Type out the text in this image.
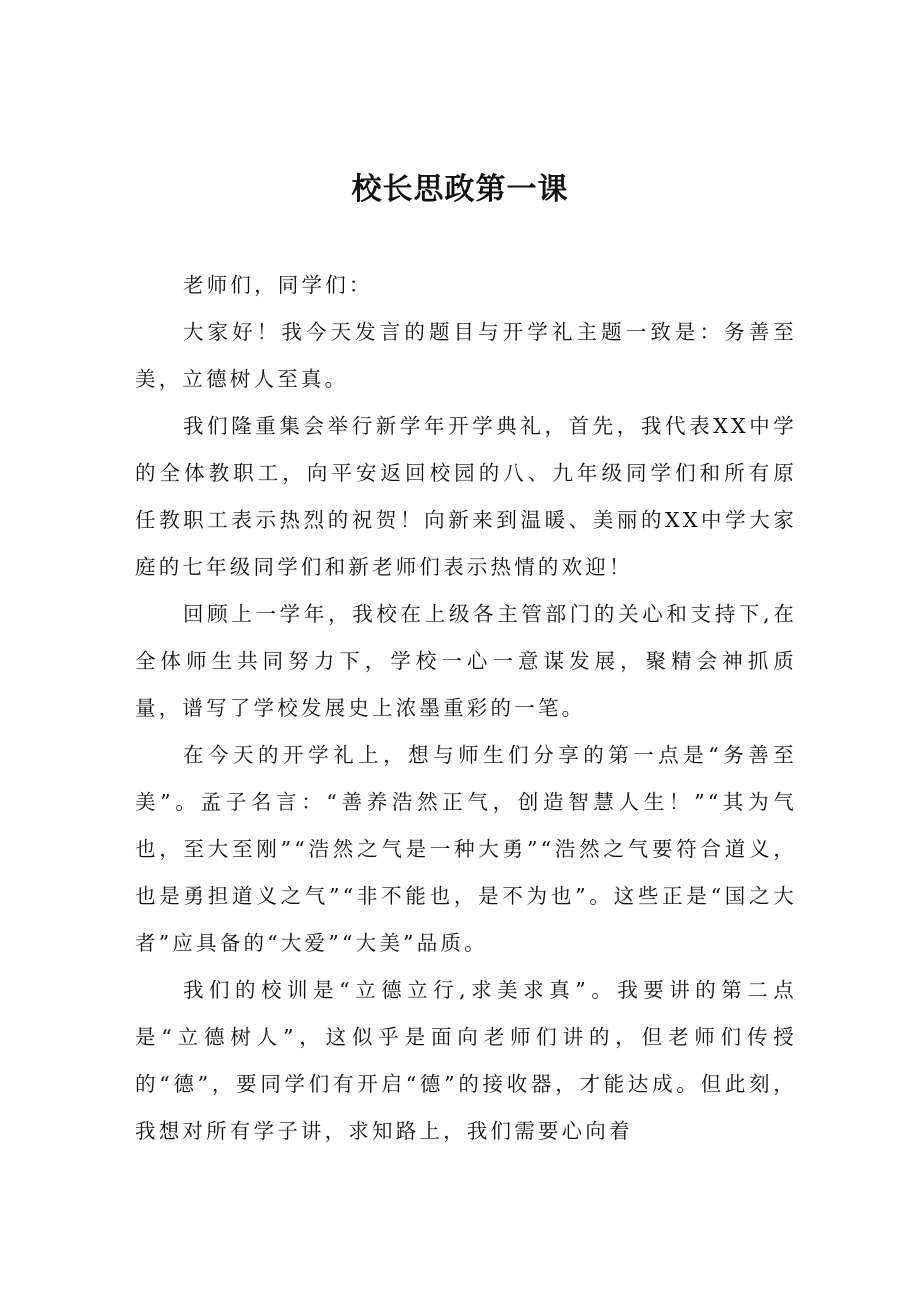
校长思政第一课

老师们，同学们：

大家好！我今天发言的题目与开学礼主题一致是：务善至美，立德树人至真。

我们隆重集会举行新学年开学典礼，首先，我代表XX中学的全体教职工，向平安返回校园的八、九年级同学们和所有原任教职工表示热烈的祝贺！向新来到温暖、美丽的XX中学大家庭的七年级同学们和新老师们表示热情的欢迎！

回顾上一学年，我校在上级各主管部门的关心和支持下,在全体师生共同努力下，学校一心一意谋发展，聚精会神抓质量，谱写了学校发展史上浓墨重彩的一笔。

在今天的开学礼上，想与师生们分享的第一点是“务善至美”。孟子名言：“善养浩然正气，创造智慧人生！”“其为气也，至大至刚”“浩然之气是一种大勇”“浩然之气要符合道义，也是勇担道义之气”“非不能也，是不为也”。这些正是“国之大者”应具备的“大爱”“大美”品质。

我们的校训是“立德立行,求美求真”。我要讲的第二点是“立德树人”，这似乎是面向老师们讲的，但老师们传授的“德”，要同学们有开启“德”的接收器，才能达成。但此刻，我想对所有学子讲，求知路上，我们需要心向着
